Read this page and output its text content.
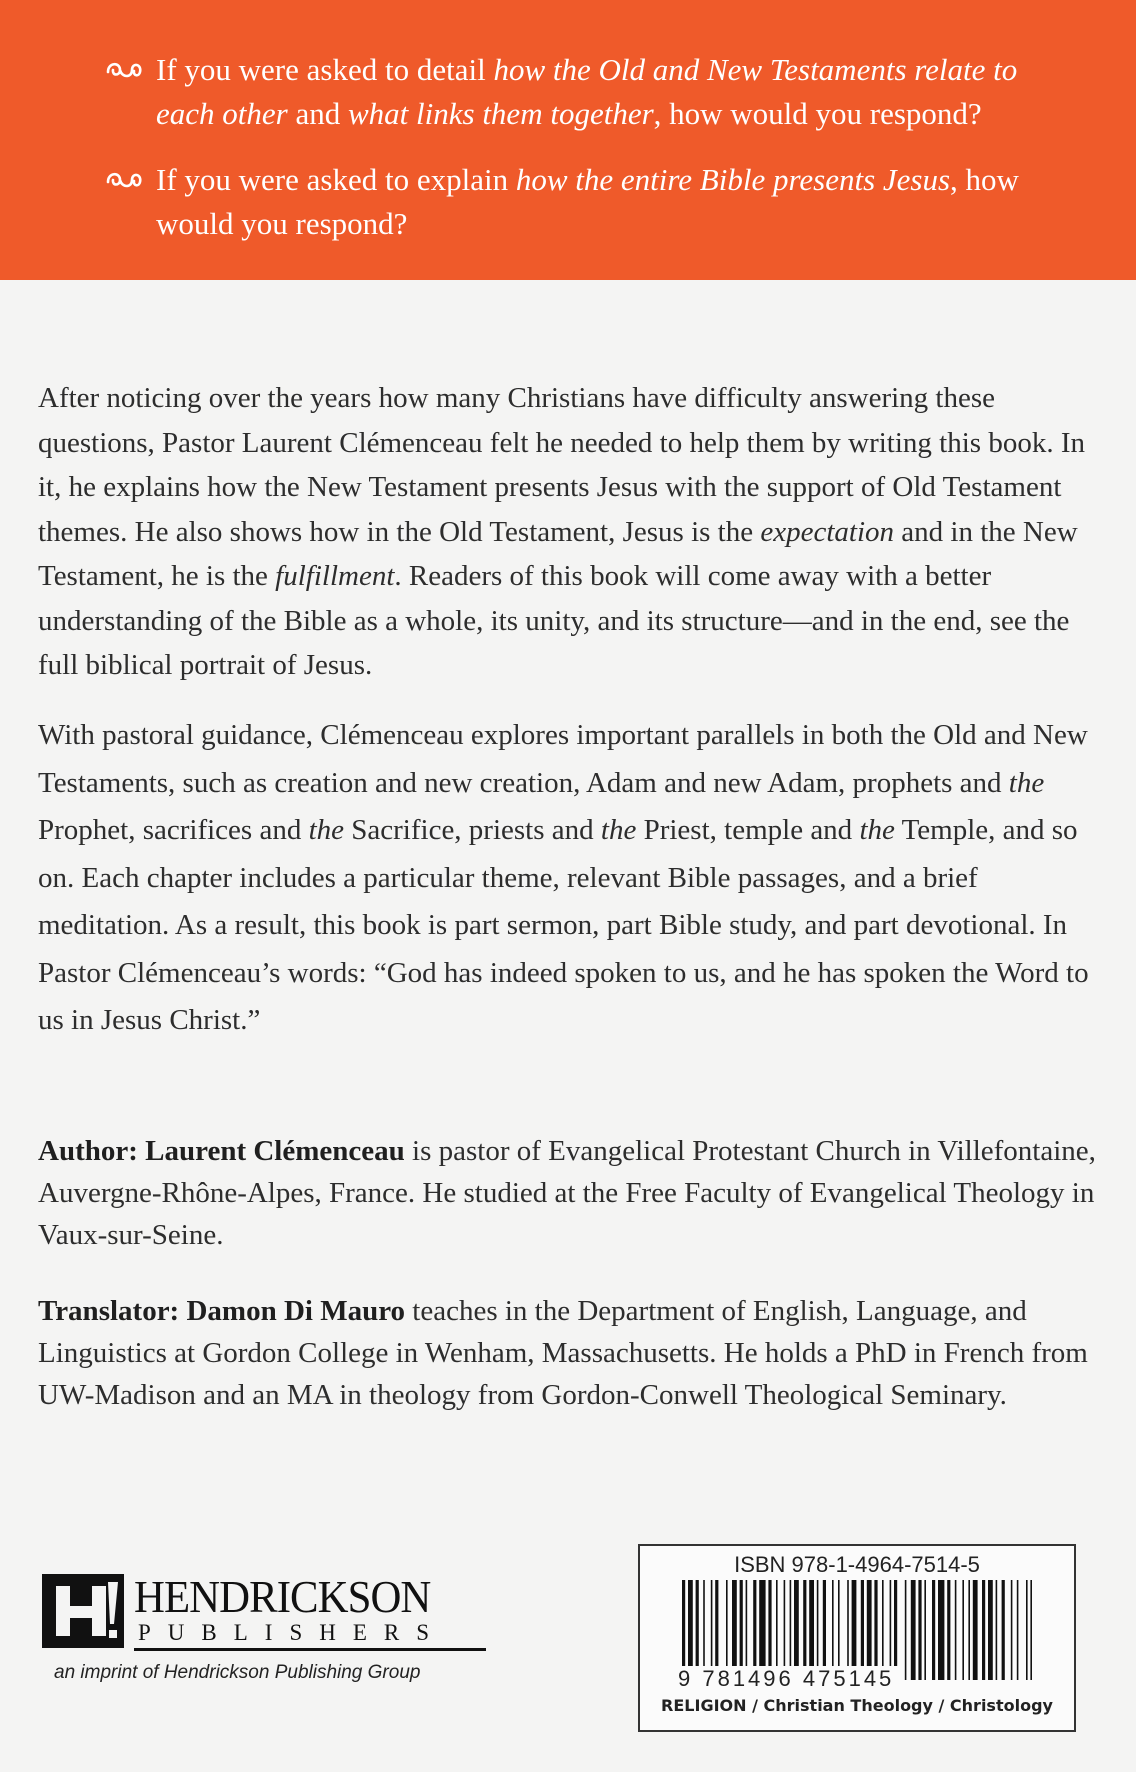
If you were asked to detail how the Old and New Testaments relate to each other and what links them together, how would you respond?
If you were asked to explain how the entire Bible presents Jesus, how would you respond?
After noticing over the years how many Christians have difficulty answering these questions, Pastor Laurent Clémenceau felt he needed to help them by writing this book. In it, he explains how the New Testament presents Jesus with the support of Old Testament themes. He also shows how in the Old Testament, Jesus is the expectation and in the New Testament, he is the fulfillment. Readers of this book will come away with a better understanding of the Bible as a whole, its unity, and its structure—and in the end, see the full biblical portrait of Jesus.
With pastoral guidance, Clémenceau explores important parallels in both the Old and New Testaments, such as creation and new creation, Adam and new Adam, prophets and the Prophet, sacrifices and the Sacrifice, priests and the Priest, temple and the Temple, and so on. Each chapter includes a particular theme, relevant Bible passages, and a brief meditation. As a result, this book is part sermon, part Bible study, and part devotional. In Pastor Clémenceau’s words: “God has indeed spoken to us, and he has spoken the Word to us in Jesus Christ.”
Author: Laurent Clémenceau is pastor of Evangelical Protestant Church in Villefontaine, Auvergne-Rhône-Alpes, France. He studied at the Free Faculty of Evangelical Theology in Vaux-sur-Seine.
Translator: Damon Di Mauro teaches in the Department of English, Language, and Linguistics at Gordon College in Wenham, Massachusetts. He holds a PhD in French from UW-Madison and an MA in theology from Gordon-Conwell Theological Seminary.
HENDRICKSON
PUBLISHERS
an imprint of Hendrickson Publishing Group
ISBN 978-1-4964-7514-5
9 781496 475145
RELIGION / Christian Theology / Christology
